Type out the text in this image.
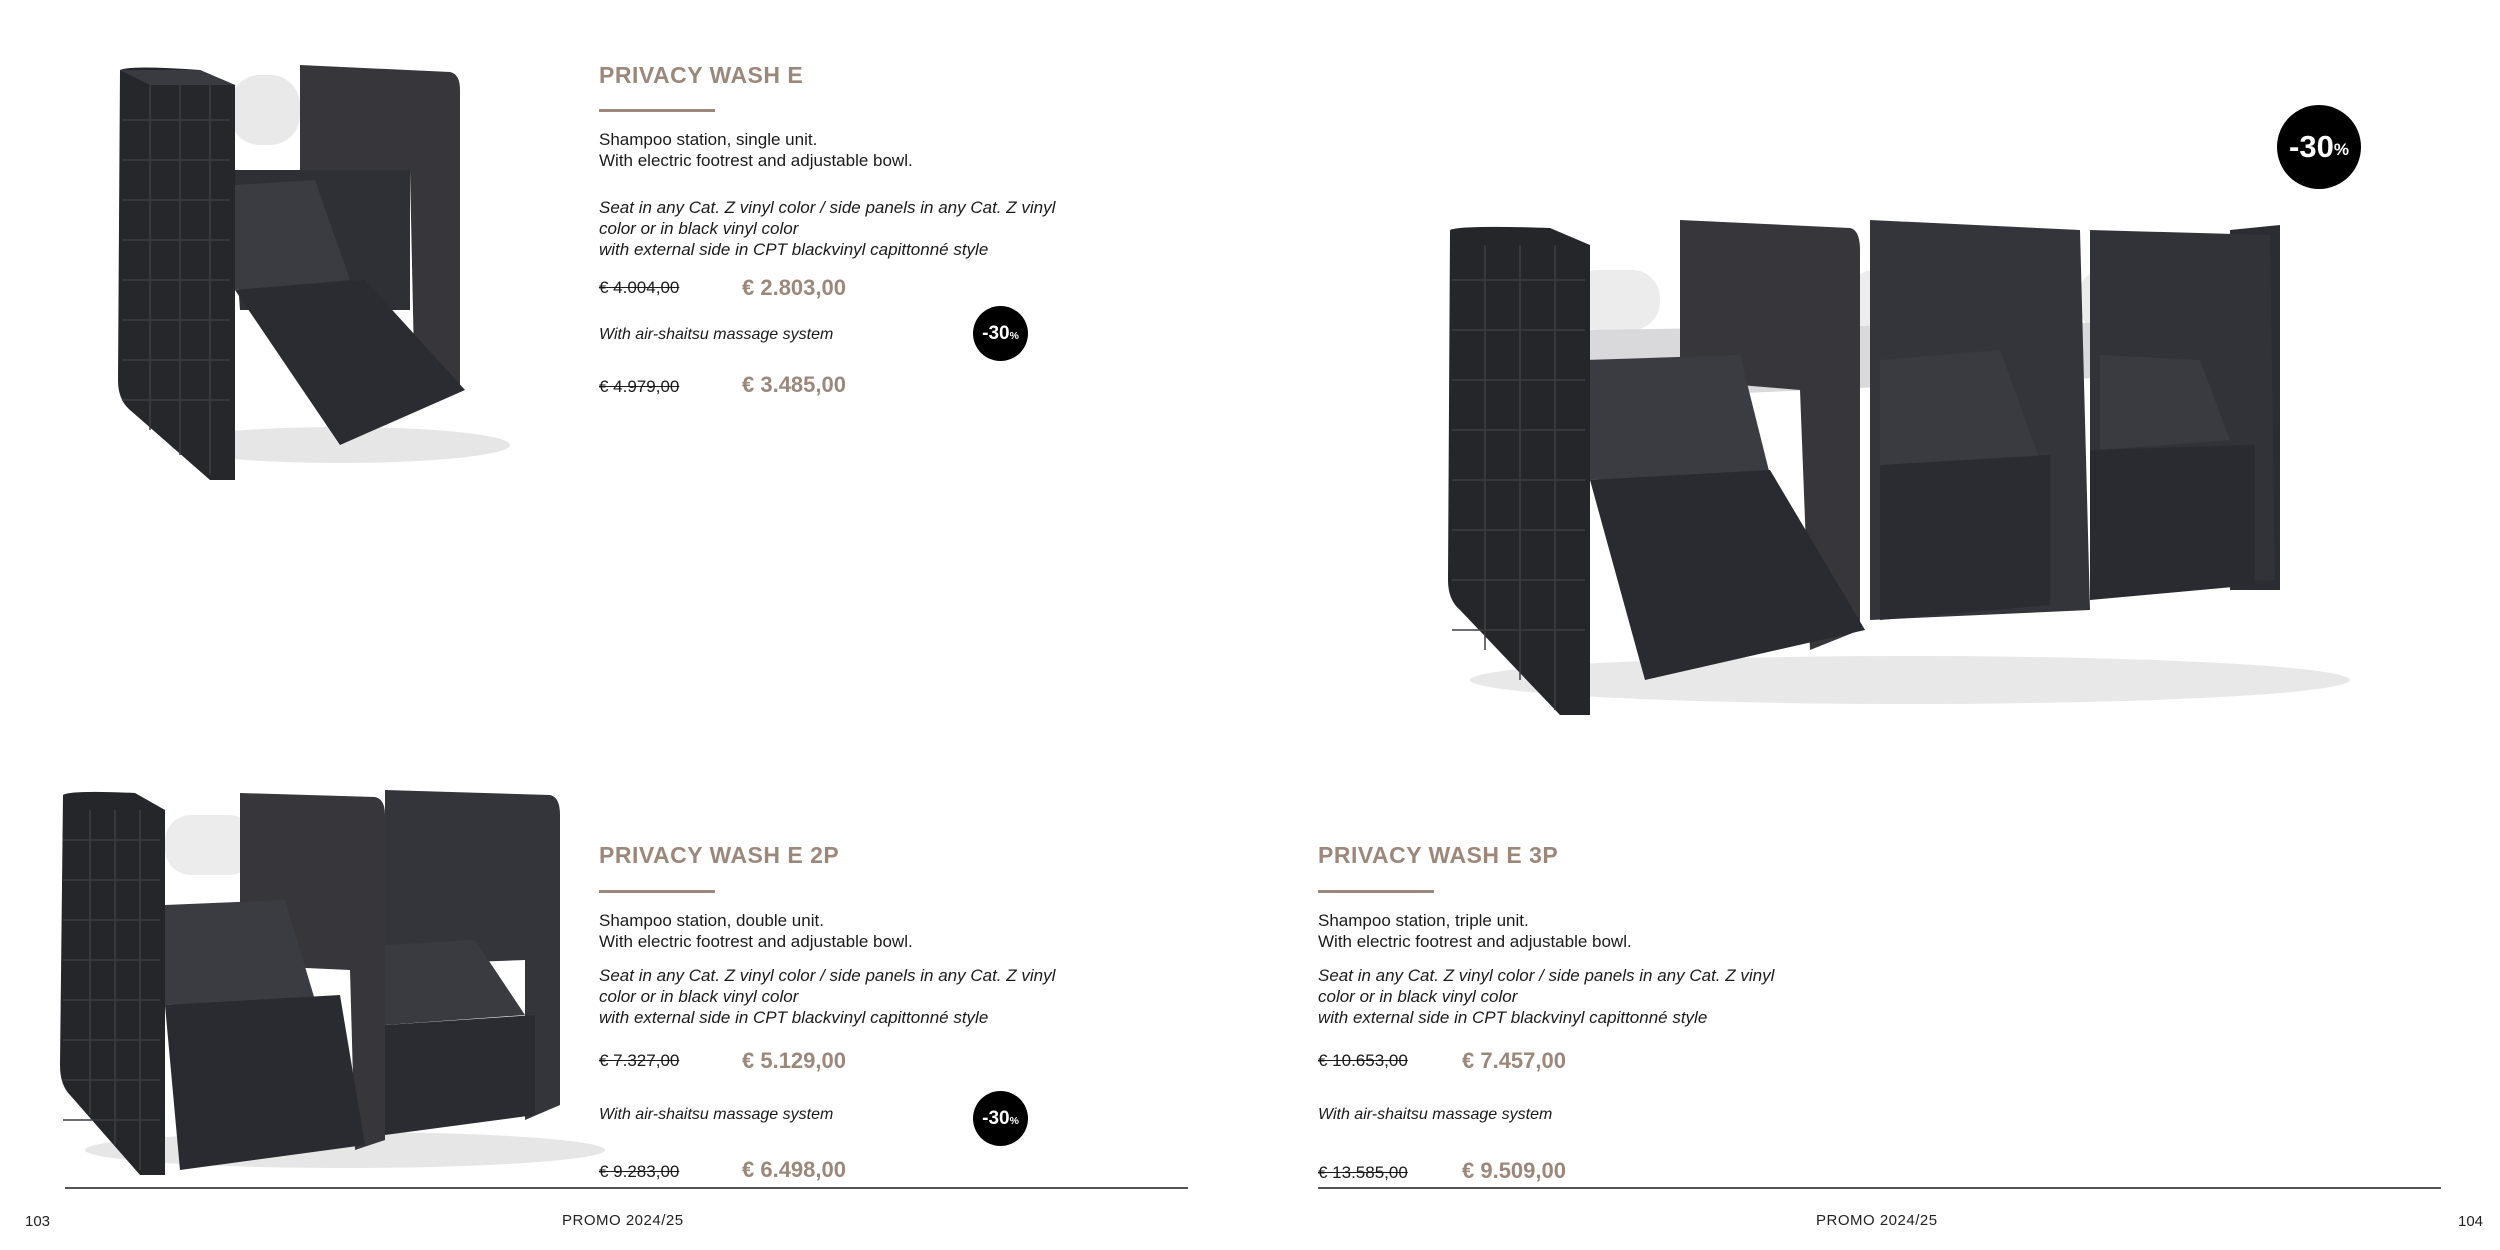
PRIVACY WASH E
Shampoo station, single unit.
With electric footrest and adjustable bowl.
Seat in any Cat. Z vinyl color / side panels in any Cat. Z vinyl
color or in black vinyl color
with external side in CPT blackvinyl capittonné style
€ 4.004,00	€ 2.803,00
With air-shaitsu massage system	-30 %
€ 4.979,00	€ 3.485,00
-30 %
PRIVACY WASH E 2P
Shampoo station, double unit.
With electric footrest and adjustable bowl.
Seat in any Cat. Z vinyl color / side panels in any Cat. Z vinyl
color or in black vinyl color
with external side in CPT blackvinyl capittonné style
€ 7.327,00	€ 5.129,00
With air-shaitsu massage system	-30 %
€ 9.283,00	€ 6.498,00
PRIVACY WASH E 3P
Shampoo station, triple unit.
With electric footrest and adjustable bowl.
Seat in any Cat. Z vinyl color / side panels in any Cat. Z vinyl
color or in black vinyl color
with external side in CPT blackvinyl capittonné style
€ 10.653,00 € 7.457,00
With air-shaitsu massage system
€ 13.585,00 € 9.509,00
103	PROMO 2024/25	PROMO 2024/25	104
